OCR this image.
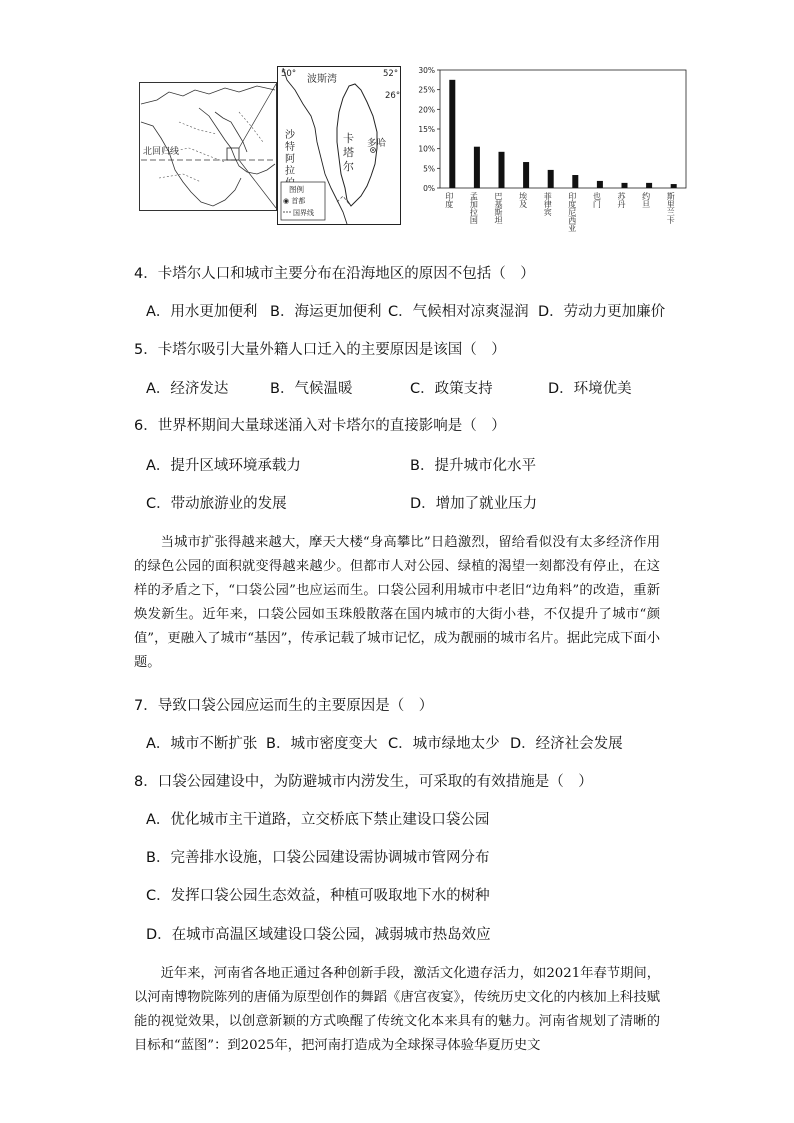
北回归线
50°	52°
26°
波斯湾
沙
特
阿
拉
卡
塔
尔
多哈
图例
◉ 首都
国界线
0%
5%
10%
15%
20%
25%
30%
印度 孟加拉国 巴基斯坦 埃及 菲律宾 印度尼西亚 也门 苏丹 约旦 斯里兰卡
4．卡塔尔人口和城市主要分布在沿海地区的原因不包括（　）
A．用水更加便利 B．海运更加便利 C．气候相对凉爽湿润 D．劳动力更加廉价
5．卡塔尔吸引大量外籍人口迁入的主要原因是该国（　）
A．经济发达	B．气候温暖	C．政策支持	D．环境优美
6．世界杯期间大量球迷涌入对卡塔尔的直接影响是（　）
A．提升区域环境承载力	B．提升城市化水平
C．带动旅游业的发展	D．增加了就业压力

当城市扩张得越来越大，摩天大楼“身高攀比”日趋激烈，留给看似没有太多经济作用的绿色公园的面积就变得越来越少。但都市人对公园、绿植的渴望一刻都没有停止，在这样的矛盾之下，“口袋公园”也应运而生。口袋公园利用城市中老旧“边角料”的改造，重新焕发新生。近年来，口袋公园如玉珠般散落在国内城市的大街小巷，不仅提升了城市“颜值”，更融入了城市“基因”，传承记载了城市记忆，成为靓丽的城市名片。据此完成下面小题。

7．导致口袋公园应运而生的主要原因是（　）
A．城市不断扩张 B．城市密度变大 C．城市绿地太少 D．经济社会发展
8．口袋公园建设中，为防避城市内涝发生，可采取的有效措施是（　）
A．优化城市主干道路，立交桥底下禁止建设口袋公园
B．完善排水设施，口袋公园建设需协调城市管网分布
C．发挥口袋公园生态效益，种植可吸取地下水的树种
D．在城市高温区域建设口袋公园，减弱城市热岛效应

近年来，河南省各地正通过各种创新手段，激活文化遗存活力，如2021年春节期间，以河南博物院陈列的唐俑为原型创作的舞蹈《唐宫夜宴》，传统历史文化的内核加上科技赋能的视觉效果，以创意新颖的方式唤醒了传统文化本来具有的魅力。河南省规划了清晰的目标和“蓝图”：到2025年，把河南打造成为全球探寻体验华夏历史文
